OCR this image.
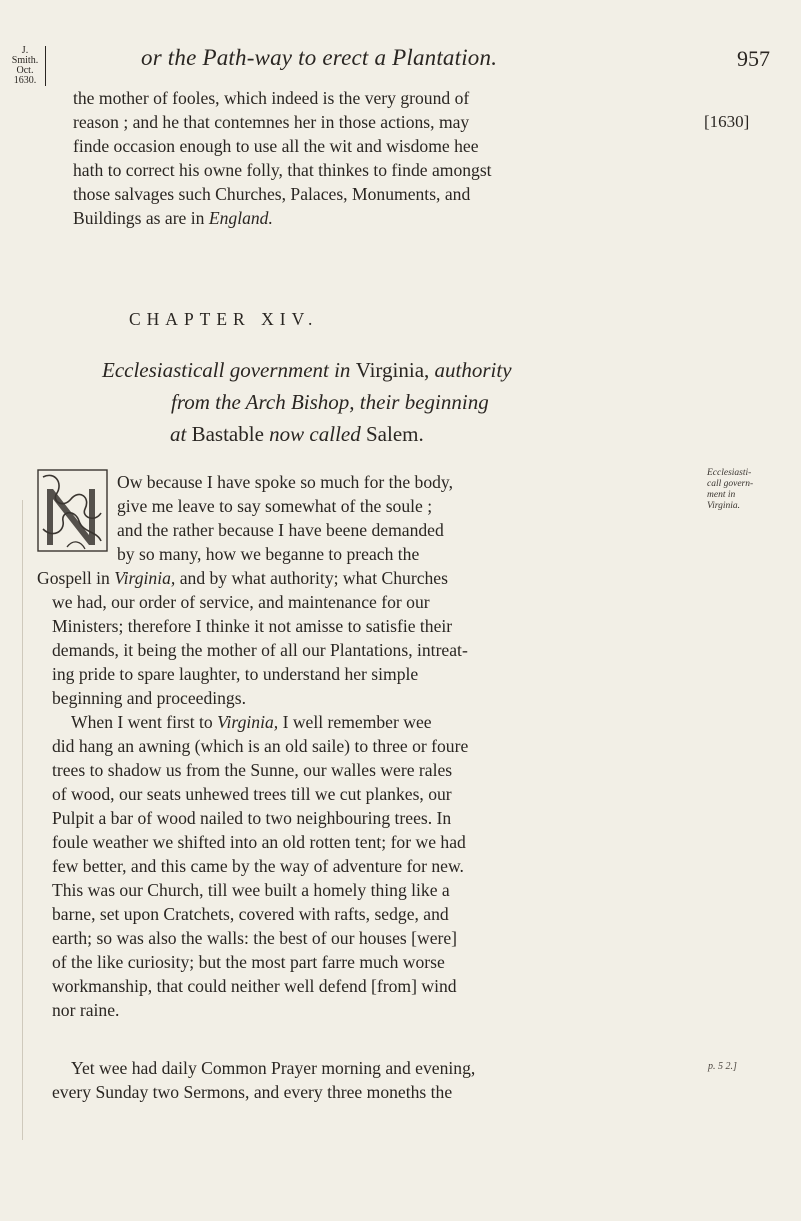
J. Smith.
Oct. 1630.
or the Path-way to erect a Plantation.	957
[1630]
the mother of fooles, which indeed is the very ground of
reason ; and he that contemnes her in those actions, may
finde occasion enough to use all the wit and wisdome hee
hath to correct his owne folly, that thinkes to finde amongst
those salvages such Churches, Palaces, Monuments, and
Buildings as are in England.
CHAPTER XIV.
Ecclesiasticall government in Virginia, authority
from the Arch Bishop, their beginning
at Bastable now called Salem.
Ecclesiasti-
call govern-
ment in
Virginia.
Ow because I have spoke so much for the body,
give me leave to say somewhat of the soule ;
and the rather because I have beene demanded
by so many, how we beganne to preach the
Gospell in Virginia, and by what authority; what Churches
we had, our order of service, and maintenance for our
Ministers; therefore I thinke it not amisse to satisfie their
demands, it being the mother of all our Plantations, intreat-
ing pride to spare laughter, to understand her simple
beginning and proceedings.
When I went first to Virginia, I well remember wee
did hang an awning (which is an old saile) to three or foure
trees to shadow us from the Sunne, our walles were rales
of wood, our seats unhewed trees till we cut plankes, our
Pulpit a bar of wood nailed to two neighbouring trees. In
foule weather we shifted into an old rotten tent; for we had
few better, and this came by the way of adventure for new.
This was our Church, till wee built a homely thing like a
barne, set upon Cratchets, covered with rafts, sedge, and
earth; so was also the walls: the best of our houses [were]
of the like curiosity; but the most part farre much worse
workmanship, that could neither well defend [from] wind
nor raine.
Yet wee had daily Common Prayer morning and evening,
every Sunday two Sermons, and every three moneths the
p. 5 2.]
